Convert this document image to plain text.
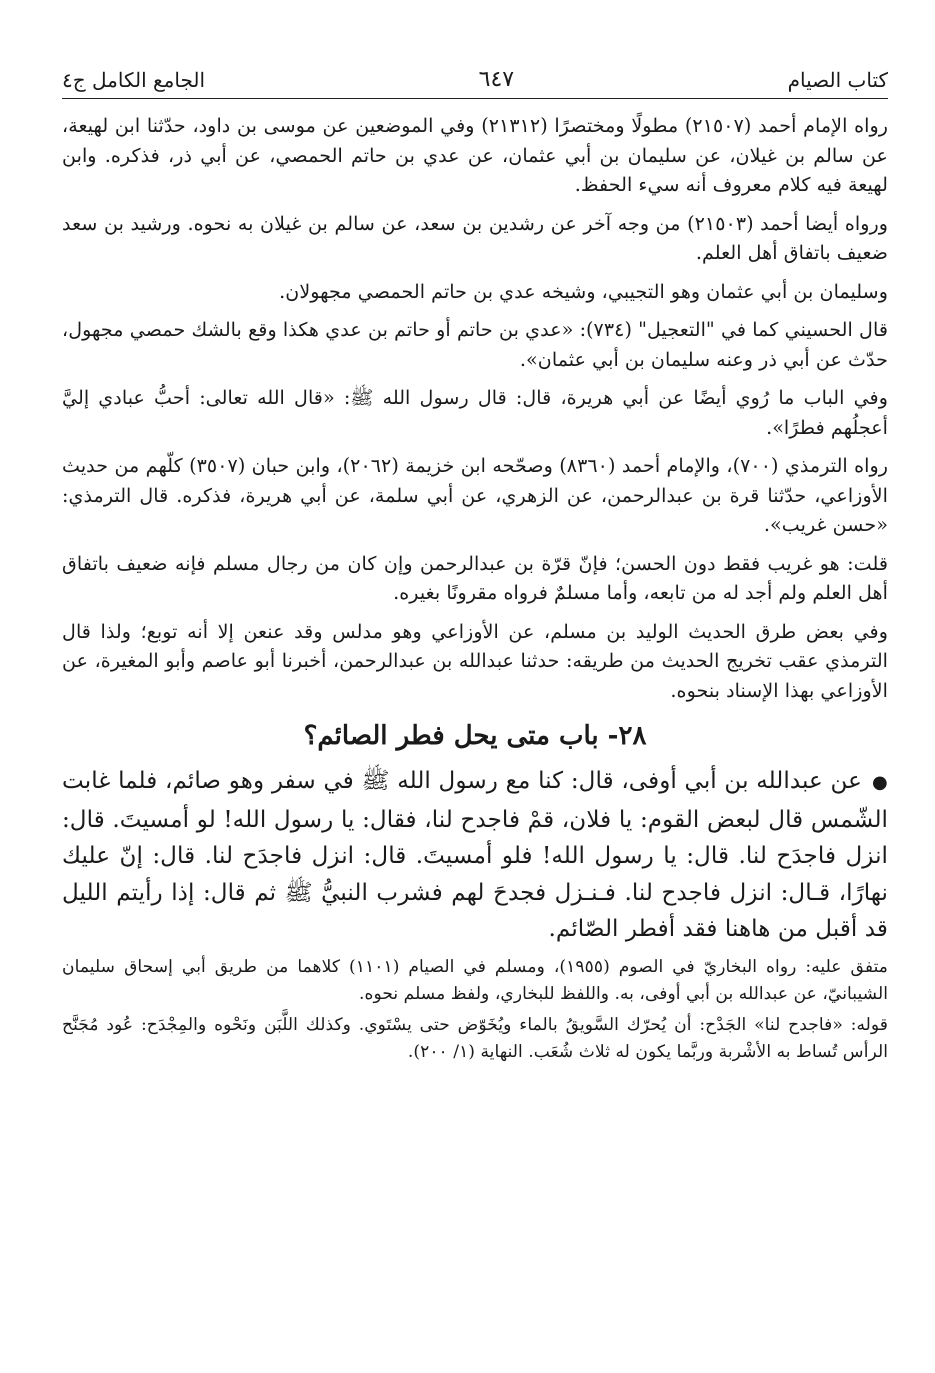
كتاب الصيام
٦٤٧
الجامع الكامل ج٤

رواه الإمام أحمد (٢١٥٠٧) مطولًا ومختصرًا (٢١٣١٢) وفي الموضعين عن موسى بن داود، حدّثنا ابن لهيعة، عن سالم بن غيلان، عن سليمان بن أبي عثمان، عن عدي بن حاتم الحمصي، عن أبي ذر، فذكره. وابن لهيعة فيه كلام معروف أنه سيء الحفظ.

ورواه أيضا أحمد (٢١٥٠٣) من وجه آخر عن رشدين بن سعد، عن سالم بن غيلان به نحوه. ورشيد بن سعد ضعيف باتفاق أهل العلم.

وسليمان بن أبي عثمان وهو التجيبي، وشيخه عدي بن حاتم الحمصي مجهولان.

قال الحسيني كما في "التعجيل" (٧٣٤): «عدي بن حاتم أو حاتم بن عدي هكذا وقع بالشك حمصي مجهول، حدّث عن أبي ذر وعنه سليمان بن أبي عثمان».

وفي الباب ما رُوي أيضًا عن أبي هريرة، قال: قال رسول الله ﷺ: «قال الله تعالى: أحبُّ عبادي إليَّ أعجلُهم فطرًا».

رواه الترمذي (٧٠٠)، والإمام أحمد (٨٣٦٠) وصحّحه ابن خزيمة (٢٠٦٢)، وابن حبان (٣٥٠٧) كلّهم من حديث الأوزاعي، حدّثنا قرة بن عبدالرحمن، عن الزهري، عن أبي سلمة، عن أبي هريرة، فذكره. قال الترمذي: «حسن غريب».

قلت: هو غريب فقط دون الحسن؛ فإنّ قرّة بن عبدالرحمن وإن كان من رجال مسلم فإنه ضعيف باتفاق أهل العلم ولم أجد له من تابعه، وأما مسلمٌ فرواه مقرونًا بغيره.

وفي بعض طرق الحديث الوليد بن مسلم، عن الأوزاعي وهو مدلس وقد عنعن إلا أنه توبع؛ ولذا قال الترمذي عقب تخريج الحديث من طريقه: حدثنا عبدالله بن عبدالرحمن، أخبرنا أبو عاصم وأبو المغيرة، عن الأوزاعي بهذا الإسناد بنحوه.

٢٨- باب متى يحل فطر الصائم؟

●عن عبدالله بن أبي أوفى، قال: كنا مع رسول الله ﷺ في سفر وهو صائم، فلما غابت الشّمس قال لبعض القوم: يا فلان، قمْ فاجدح لنا، فقال: يا رسول الله! لو أمسيتَ. قال: انزل فاجدَح لنا. قال: يا رسول الله! فلو أمسيتَ. قال: انزل فاجدَح لنا. قال: إنّ عليك نهارًا، قـال: انزل فاجدح لنا. فـنـزل فجدحَ لهم فشرب النبيُّ ﷺ ثم قال: إذا رأيتم الليل قد أقبل من هاهنا فقد أفطر الصّائم.

متفق عليه: رواه البخاريّ في الصوم (١٩٥٥)، ومسلم في الصيام (١١٠١) كلاهما من طريق أبي إسحاق سليمان الشيبانيّ، عن عبدالله بن أبي أوفى، به. واللفظ للبخاري، ولفظ مسلم نحوه.

قوله: «فاجدح لنا» الجَدْح: أن يُحرّك السَّويقُ بالماء ويُخَوّض حتى يسْتَوي. وكذلك اللَّبَن ونَحْوه والمِجْدَح: عُود مُجَنَّح الرأس تُساط به الأشْربة وربَّما يكون له ثلاث شُعَب. النهاية (١/ ٢٠٠).
